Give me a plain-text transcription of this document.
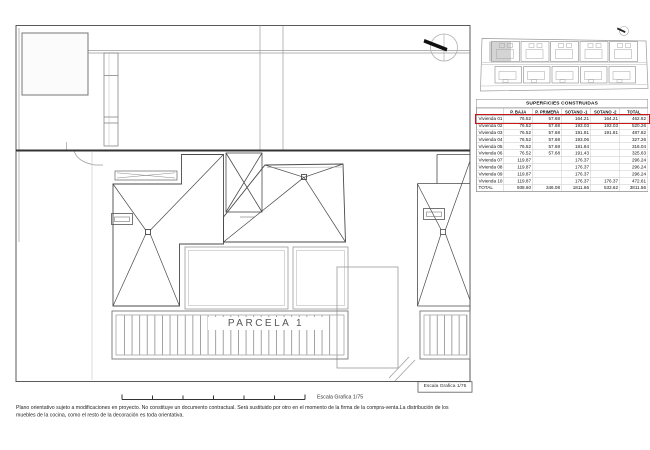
PARCELA 1
Escala Grafica 1/75
Escala Grafica 1/75
Plano orientativo sujeto a modificaciones en proyecto. No constituye un documento contractual. Será sustituido por otro en el momento de la firma de la compra-venta.La distribución de los
muebles de la cocina, como el resto de la decoración es toda orientativa.
SUPERFICIES CONSTRUIDAS
	P. BAJA	P. PRIMERA	SOTANO -1	SOTANO -2	TOTAL
Vivienda 01	76.52	57.68	164.21	164.21	462.62
Vivienda 02	76.52	57.68	193.03	193.03	520.26
Vivienda 03	76.52	57.68	191.81	191.81	487.82
Vivienda 04	76.52	57.68	193.06		327.26
Vivienda 05	76.52	57.68	181.84		316.04
Vivienda 06	76.52	57.68	191.43		325.63
Vivienda 07	119.87		176.37		296.24
Vivienda 08	119.87		176.37		296.24
Vivienda 09	119.87		176.37		296.24
Vivienda 10	119.87		176.37	176.37	472.61
TOTAL	938.60	346.08	1811.66	533.62	3811.56
